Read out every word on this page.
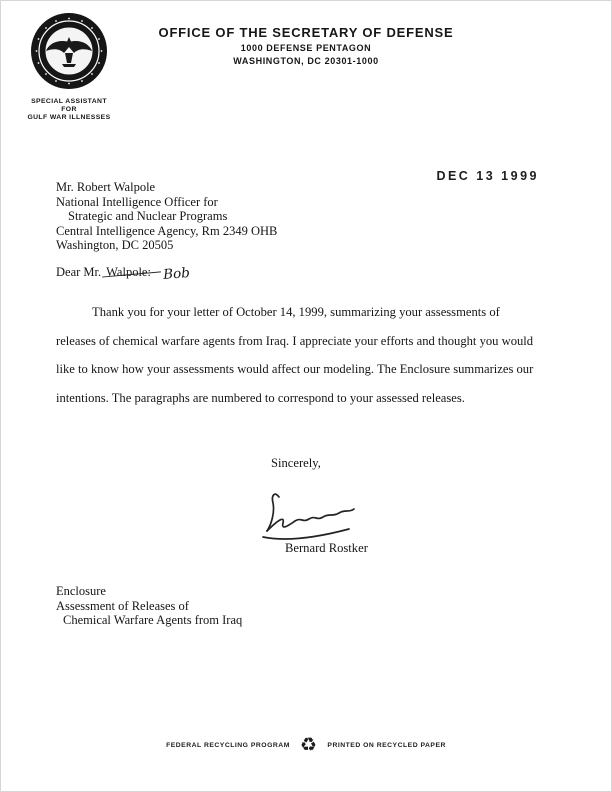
SPECIAL ASSISTANT
FOR
GULF WAR ILLNESSES
OFFICE OF THE SECRETARY OF DEFENSE
1000 DEFENSE PENTAGON
WASHINGTON, DC 20301-1000
DEC 13 1999
Mr. Robert Walpole
National Intelligence Officer for
Strategic and Nuclear Programs
Central Intelligence Agency, Rm 2349 OHB
Washington, DC 20505
Dear Mr. Walpole: Bob
Thank you for your letter of October 14, 1999, summarizing your assessments of releases of chemical warfare agents from Iraq. I appreciate your efforts and thought you would like to know how your assessments would affect our modeling. The Enclosure summarizes our intentions. The paragraphs are numbered to correspond to your assessed releases.
Sincerely,
Bernard Rostker
Enclosure
Assessment of Releases of
Chemical Warfare Agents from Iraq
FEDERAL RECYCLING PROGRAM ♻ PRINTED ON RECYCLED PAPER
